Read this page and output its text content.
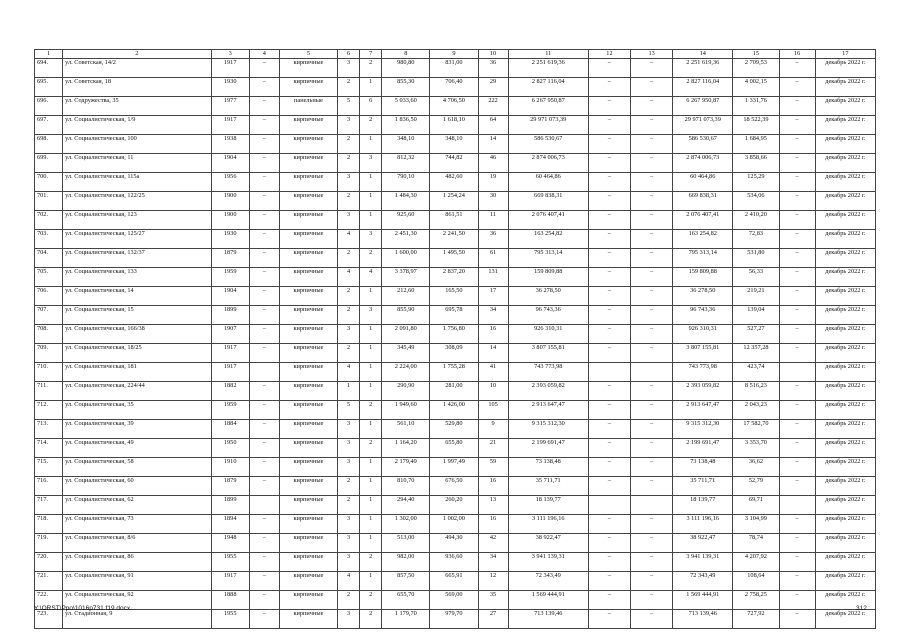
1	2	3	4	5	6	7	8	9	10	11	12	13	14	15	16	17
694.	ул. Советская, 14/2	1917	–	кирпичные	3	2	980,80	831,00	36	2 251 619,36	–	–	2 251 619,36	2 709,53	–	декабрь 2022 г.
695.	ул. Советская, 18	1930	–	кирпичные	2	1	855,30	706,40	29	2 827 116,04	–	–	2 827 116,04	4 002,15	–	декабрь 2022 г.
696.	ул. Содружества, 35	1977	–	панельные	5	6	5 033,60	4 706,50	222	6 267 950,87	–	–	6 267 950,87	1 331,76	–	декабрь 2022 г.
697.	ул. Социалистическая, 1/9	1917	–	кирпичные	3	2	1 836,50	1 618,10	64	29 971 073,39	–	–	29 971 073,39	18 522,39	–	декабрь 2022 г.
698.	ул. Социалистическая, 100	1938	–	кирпичные	2	1	348,10	348,10	14	586 530,67	–	–	586 530,67	1 684,95	–	декабрь 2022 г.
699.	ул. Социалистическая, 11	1904	–	кирпичные	2	3	812,32	744,82	46	2 874 006,73	–	–	2 874 006,73	3 858,66	–	декабрь 2022 г.
700.	ул. Социалистическая, 115а	1956	–	кирпичные	3	1	790,10	482,60	19	60 464,86	–	–	60 464,86	125,29	–	декабрь 2022 г.
701.	ул. Социалистическая, 122/25	1900	–	кирпичные	2	1	1 484,30	1 254,24	30	669 838,31	–	–	669 838,31	534,06	–	декабрь 2022 г.
702.	ул. Социалистическая, 123	1900	–	кирпичные	3	1	925,60	861,51	11	2 076 407,41	–	–	2 076 407,41	2 410,20	–	декабрь 2022 г.
703.	ул. Социалистическая, 125/27	1930	–	кирпичные	4	3	2 451,30	2 241,50	36	163 254,82	–	–	163 254,82	72,83	–	декабрь 2022 г.
704.	ул. Социалистическая, 132/37	1879	–	кирпичные	2	2	1 600,00	1 495,50	61	795 313,14	–	–	795 313,14	531,80	–	декабрь 2022 г.
705.	ул. Социалистическая, 133	1959	–	кирпичные	4	4	3 378,97	2 837,20	131	159 809,88	–	–	159 809,88	56,33	–	декабрь 2022 г.
706.	ул. Социалистическая, 14	1904	–	кирпичные	2	1	212,60	165,50	17	36 278,50	–	–	36 278,50	219,21	–	декабрь 2022 г.
707.	ул. Социалистическая, 15	1899	–	кирпичные	2	3	855,90	695,78	34	96 743,36	–	–	96 743,36	139,04	–	декабрь 2022 г.
708.	ул. Социалистическая, 166/38	1907	–	кирпичные	3	1	2 091,80	1 756,80	16	926 310,31	–	–	926 310,31	527,27	–	декабрь 2022 г.
709.	ул. Социалистическая, 18/25	1917	–	кирпичные	2	1	345,49	308,09	14	3 807 155,81	–	–	3 807 155,81	12 357,28	–	декабрь 2022 г.
710.	ул. Социалистическая, 181	1917		кирпичные	4	1	2 224,00	1 755,28	41	743 773,98			743 773,98	423,74		декабрь 2022 г.
711.	ул. Социалистическая, 224/44	1882	–	кирпичные	1	1	290,90	281,00	10	2 393 059,82	–	–	2 393 059,82	8 516,23	–	декабрь 2022 г.
712.	ул. Социалистическая, 35	1959	–	кирпичные	5	2	1 949,60	1 426,00	105	2 913 647,47	–	–	2 913 647,47	2 043,23	–	декабрь 2022 г.
713.	ул. Социалистическая, 39	1884	–	кирпичные	3	1	561,10	529,80	9	9 315 312,30	–	–	9 315 312,30	17 582,70	–	декабрь 2022 г.
714.	ул. Социалистическая, 49	1950	–	кирпичные	3	2	1 164,20	655,80	21	2 199 691,47	–	–	2 199 691,47	3 353,70	–	декабрь 2022 г.
715.	ул. Социалистическая, 58	1910	–	кирпичные	3	1	2 179,49	1 997,49	59	73 138,48	–	–	73 138,48	36,62	–	декабрь 2022 г.
716.	ул. Социалистическая, 60	1879	–	кирпичные	2	1	810,70	676,50	16	35 711,71	–	–	35 711,71	52,79	–	декабрь 2022 г.
717.	ул. Социалистическая, 62	1899		кирпичные	2	1	294,40	260,20	13	18 139,77			18 139,77	69,71		декабрь 2022 г.
718.	ул. Социалистическая, 73	1894	–	кирпичные	3	1	1 302,00	1 002,00	16	3 111 196,16	–	–	3 111 196,16	3 104,99	–	декабрь 2022 г.
719.	ул. Социалистическая, 8/6	1948	–	кирпичные	3	1	513,00	494,30	42	38 922,47	–	–	38 922,47	78,74	–	декабрь 2022 г.
720.	ул. Социалистическая, 86	1955	–	кирпичные	3	2	982,00	936,60	34	3 941 139,31	–	–	3 941 139,31	4 207,92	–	декабрь 2022 г.
721.	ул. Социалистическая, 91	1917	–	кирпичные	4	1	857,50	665,91	12	72 343,49	–	–	72 343,49	108,64	–	декабрь 2022 г.
722.	ул. Социалистическая, 92	1888	–	кирпичные	2	2	655,70	569,00	35	1 569 444,91	–	–	1 569 444,91	2 758,25	–	декабрь 2022 г.
723.	ул. Стадионная, 9	1955	–	кирпичные	3	2	1 179,70	979,70	27	713 139,46	–	–	713 139,46	727,92	–	декабрь 2022 г.
Y:\ORST\Ppo\1016p731.f19.docx	312
